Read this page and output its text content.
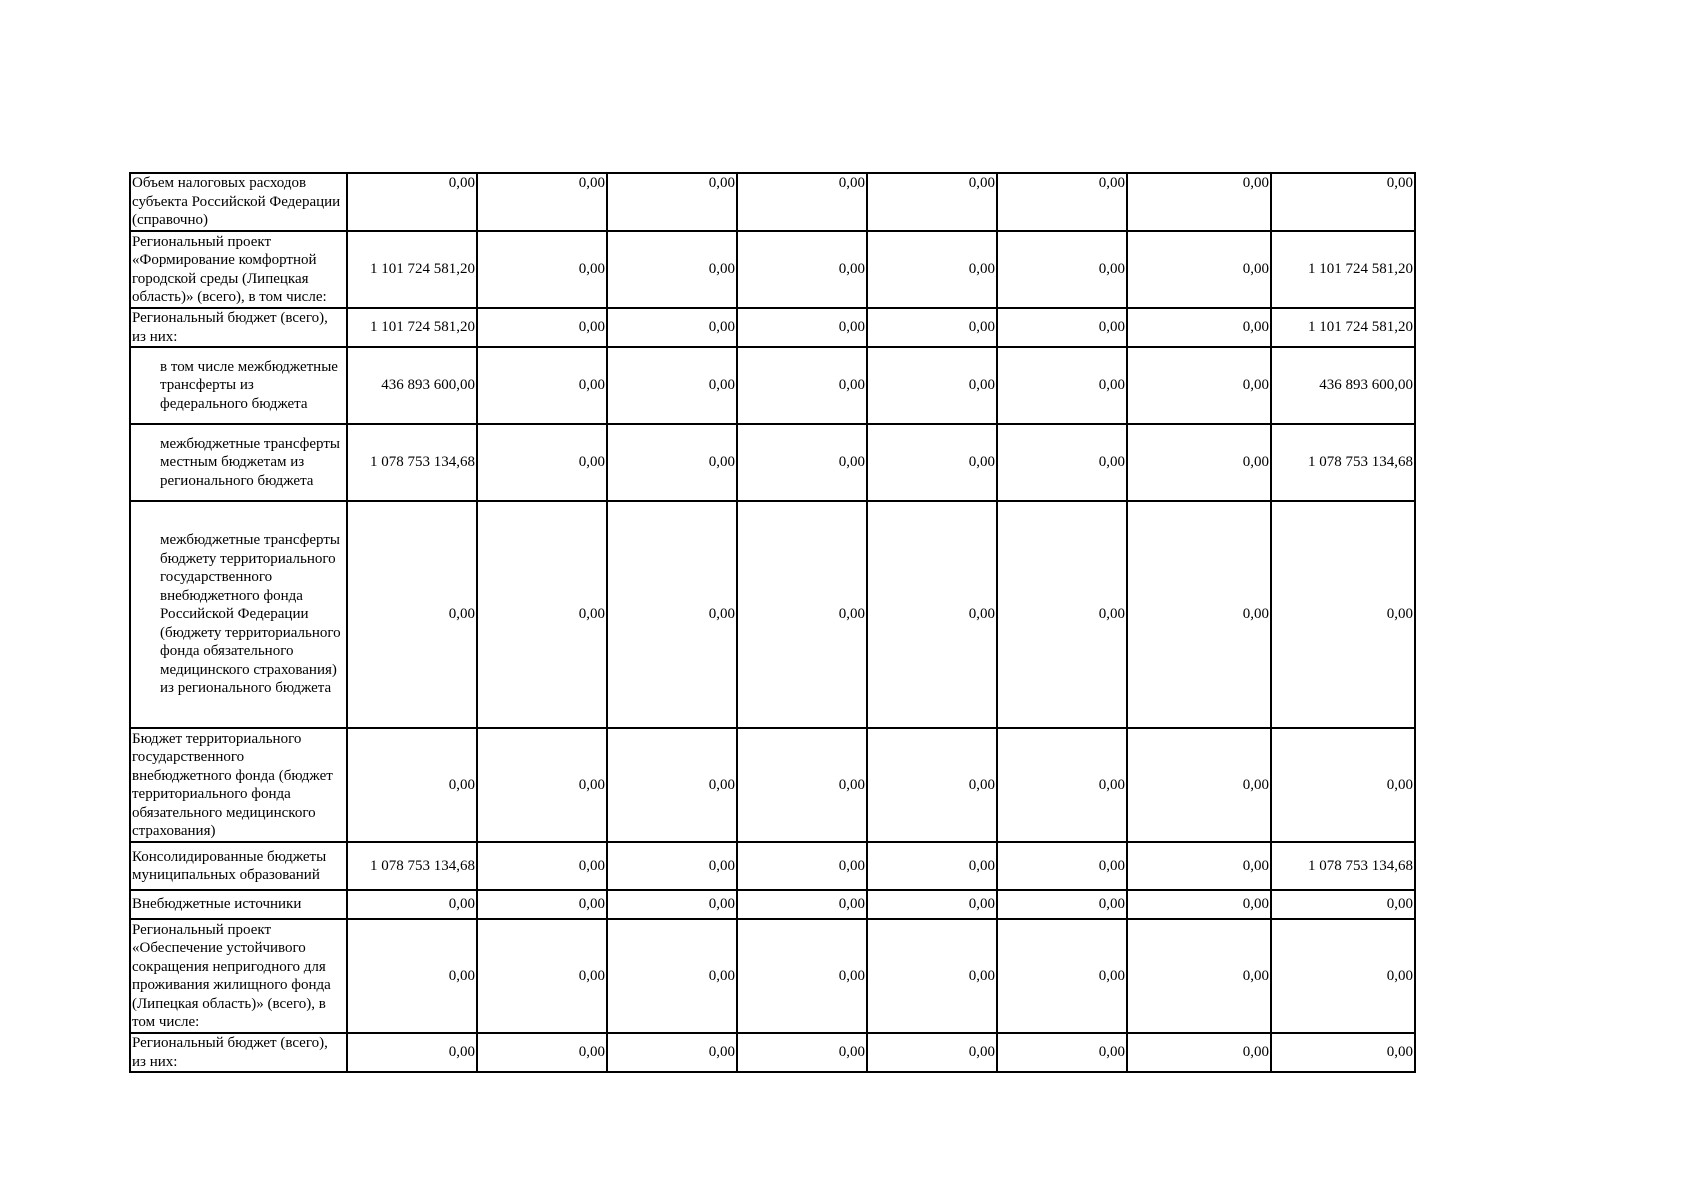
Объем налоговых расходов субъекта Российской Федерации (справочно)	0,00	0,00	0,00	0,00	0,00	0,00	0,00	0,00
Региональный проект «Формирование комфортной городской среды (Липецкая область)» (всего), в том числе:	1 101 724 581,20	0,00	0,00	0,00	0,00	0,00	0,00	1 101 724 581,20
Региональный бюджет (всего), из них:	1 101 724 581,20	0,00	0,00	0,00	0,00	0,00	0,00	1 101 724 581,20
в том числе межбюджетные трансферты из федерального бюджета	436 893 600,00	0,00	0,00	0,00	0,00	0,00	0,00	436 893 600,00
межбюджетные трансферты местным бюджетам из регионального бюджета	1 078 753 134,68	0,00	0,00	0,00	0,00	0,00	0,00	1 078 753 134,68
межбюджетные трансферты бюджету территориального государственного внебюджетного фонда Российской Федерации (бюджету территориального фонда обязательного медицинского страхования) из регионального бюджета	0,00	0,00	0,00	0,00	0,00	0,00	0,00	0,00
Бюджет территориального государственного внебюджетного фонда (бюджет территориального фонда обязательного медицинского страхования)	0,00	0,00	0,00	0,00	0,00	0,00	0,00	0,00
Консолидированные бюджеты муниципальных образований	1 078 753 134,68	0,00	0,00	0,00	0,00	0,00	0,00	1 078 753 134,68
Внебюджетные источники	0,00	0,00	0,00	0,00	0,00	0,00	0,00	0,00
Региональный проект «Обеспечение устойчивого сокращения непригодного для проживания жилищного фонда (Липецкая область)» (всего), в том числе:	0,00	0,00	0,00	0,00	0,00	0,00	0,00	0,00
Региональный бюджет (всего), из них:	0,00	0,00	0,00	0,00	0,00	0,00	0,00	0,00
